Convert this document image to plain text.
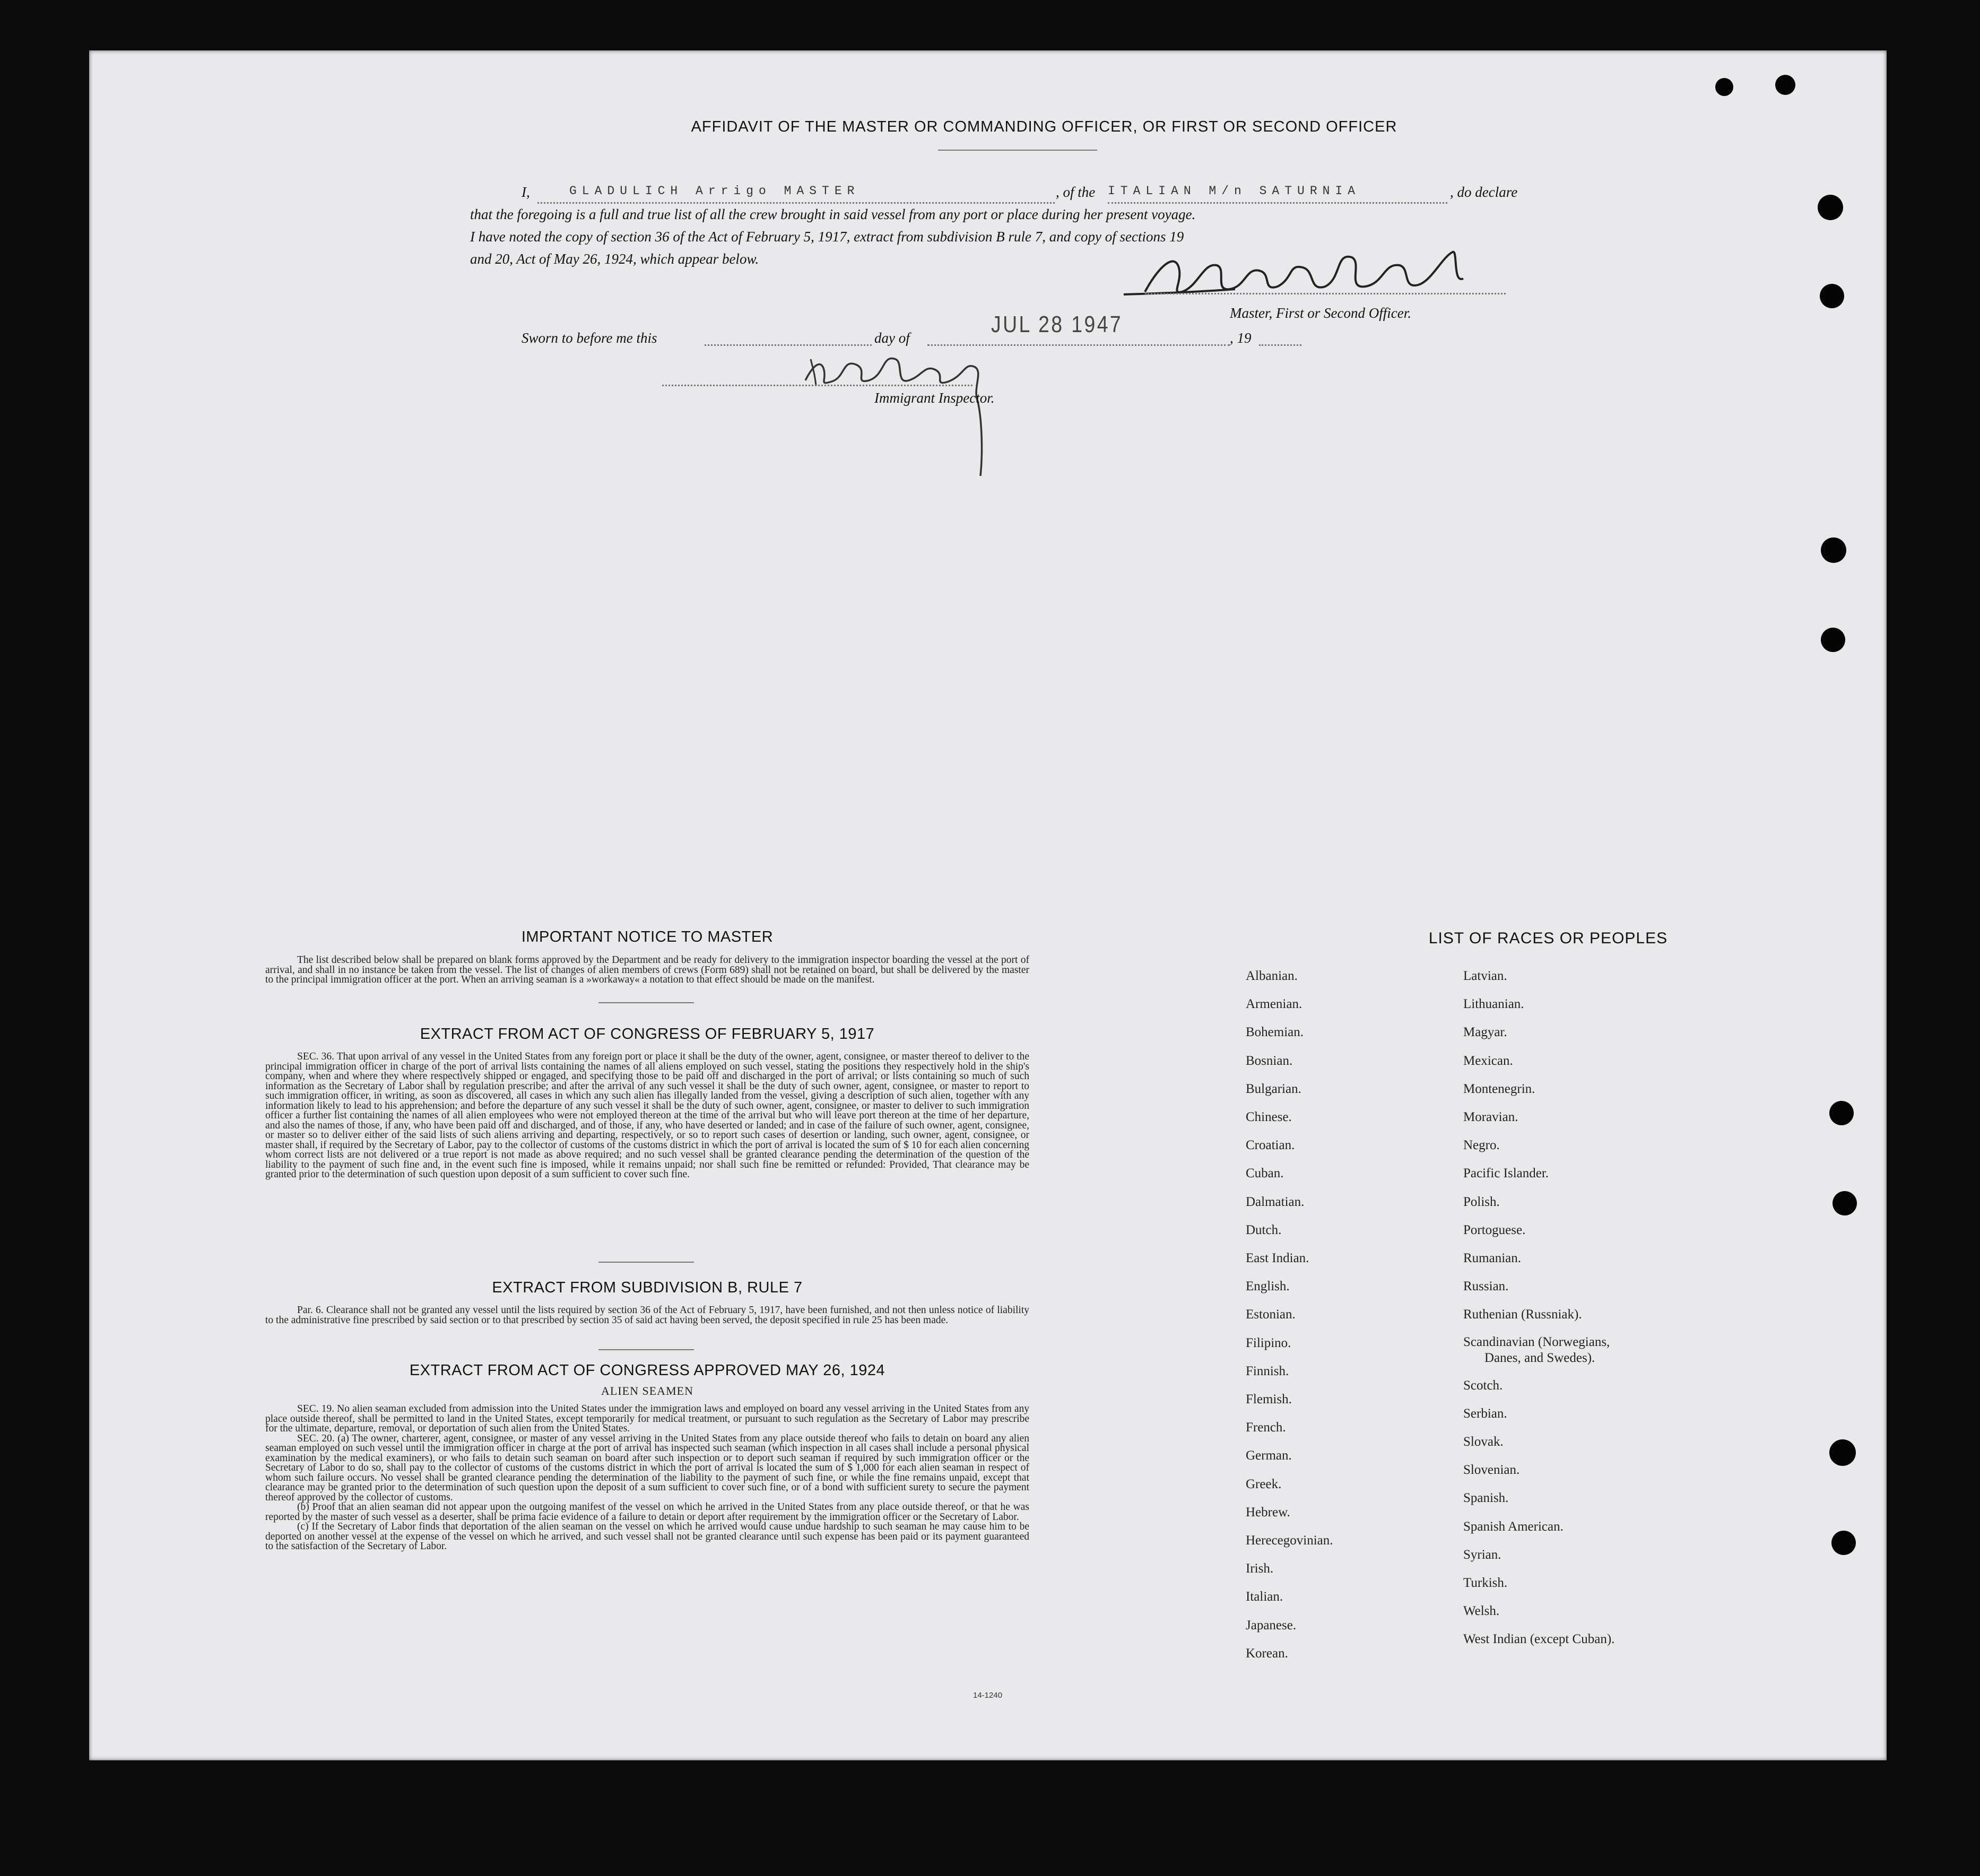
AFFIDAVIT OF THE MASTER OR COMMANDING OFFICER, OR FIRST OR SECOND OFFICER
I,	GLADULICH Arrigo MASTER	, of the ITALIAN M/n SATURNIA	, do declare
that the foregoing is a full and true list of all the crew brought in said vessel from any port or place during her present voyage.
I have noted the copy of section 36 of the Act of February 5, 1917, extract from subdivision B rule 7, and copy of sections 19
and 20, Act of May 26, 1924, which appear below.
Master, First or Second Officer.
Sworn to before me this	day of
JUL 28 1947
, 19
Immigrant Inspector.
IMPORTANT NOTICE TO MASTER

The list described below shall be prepared on blank forms approved by the Department and be ready for delivery to the immigration inspector boarding the vessel at the port of arrival, and shall in no instance be taken from the vessel. The list of changes of alien members of crews (Form 689) shall not be retained on board, but shall be delivered by the master to the principal immigration officer at the port. When an arriving seaman is a »workaway« a notation to that effect should be made on the manifest.

EXTRACT FROM ACT OF CONGRESS OF FEBRUARY 5, 1917

SEC. 36. That upon arrival of any vessel in the United States from any foreign port or place it shall be the duty of the owner, agent, consignee, or master thereof to deliver to the principal immigration officer in charge of the port of arrival lists containing the names of all aliens employed on such vessel, stating the positions they respectively hold in the ship's company, when and where they where respectively shipped or engaged, and specifying those to be paid off and discharged in the port of arrival; or lists containing so much of such information as the Secretary of Labor shall by regulation prescribe; and after the arrival of any such vessel it shall be the duty of such owner, agent, consignee, or master to report to such immigration officer, in writing, as soon as discovered, all cases in which any such alien has illegally landed from the vessel, giving a description of such alien, together with any information likely to lead to his apprehension; and before the departure of any such vessel it shall be the duty of such owner, agent, consignee, or master to deliver to such immigration officer a further list containing the names of all alien employees who were not employed thereon at the time of the arrival but who will leave port thereon at the time of her departure, and also the names of those, if any, who have been paid off and discharged, and of those, if any, who have deserted or landed; and in case of the failure of such owner, agent, consignee, or master so to deliver either of the said lists of such aliens arriving and departing, respectively, or so to report such cases of desertion or landing, such owner, agent, consignee, or master shall, if required by the Secretary of Labor, pay to the collector of customs of the customs district in which the port of arrival is located the sum of $ 10 for each alien concerning whom correct lists are not delivered or a true report is not made as above required; and no such vessel shall be granted clearance pending the determination of the question of the liability to the payment of such fine and, in the event such fine is imposed, while it remains unpaid; nor shall such fine be remitted or refunded: Provided, That clearance may be granted prior to the determination of such question upon deposit of a sum sufficient to cover such fine.

EXTRACT FROM SUBDIVISION B, RULE 7

Par. 6. Clearance shall not be granted any vessel until the lists required by section 36 of the Act of February 5, 1917, have been furnished, and not then unless notice of liability to the administrative fine prescribed by said section or to that prescribed by section 35 of said act having been served, the deposit specified in rule 25 has been made.

EXTRACT FROM ACT OF CONGRESS APPROVED MAY 26, 1924
ALIEN SEAMEN

SEC. 19. No alien seaman excluded from admission into the United States under the immigration laws and employed on board any vessel arriving in the United States from any place outside thereof, shall be permitted to land in the United States, except temporarily for medical treatment, or pursuant to such regulation as the Secretary of Labor may prescribe for the ultimate, departure, removal, or deportation of such alien from the United States.

SEC. 20. (a) The owner, charterer, agent, consignee, or master of any vessel arriving in the United States from any place outside thereof who fails to detain on board any alien seaman employed on such vessel until the immigration officer in charge at the port of arrival has inspected such seaman (which inspection in all cases shall include a personal physical examination by the medical examiners), or who fails to detain such seaman on board after such inspection or to deport such seaman if required by such immigration officer or the Secretary of Labor to do so, shall pay to the collector of customs of the customs district in which the port of arrival is located the sum of $ 1,000 for each alien seaman in respect of whom such failure occurs. No vessel shall be granted clearance pending the determination of the liability to the payment of such fine, or while the fine remains unpaid, except that clearance may be granted prior to the determination of such question upon the deposit of a sum sufficient to cover such fine, or of a bond with sufficient surety to secure the payment thereof approved by the collector of customs.

(b) Proof that an alien seaman did not appear upon the outgoing manifest of the vessel on which he arrived in the United States from any place outside thereof, or that he was reported by the master of such vessel as a deserter, shall be prima facie evidence of a failure to detain or deport after requirement by the immigration officer or the Secretary of Labor.

(c) If the Secretary of Labor finds that deportation of the alien seaman on the vessel on which he arrived would cause undue hardship to such seaman he may cause him to be deported on another vessel at the expense of the vessel on which he arrived, and such vessel shall not be granted clearance until such expense has been paid or its payment guaranteed to the satisfaction of the Secretary of Labor.

14-1240
LIST OF RACES OR PEOPLES
Albanian.
Armenian.
Bohemian.
Bosnian.
Bulgarian.
Chinese.
Croatian.
Cuban.
Dalmatian.
Dutch.
East Indian.
English.
Estonian.
Filipino.
Finnish.
Flemish.
French.
German.
Greek.
Hebrew.
Herecegovinian.
Irish.
Italian.
Japanese.
Korean.
Latvian.
Lithuanian.
Magyar.
Mexican.
Montenegrin.
Moravian.
Negro.
Pacific Islander.
Polish.
Portoguese.
Rumanian.
Russian.
Ruthenian (Russniak).
Scandinavian (Norwegians,
Danes, and Swedes).
Scotch.
Serbian.
Slovak.
Slovenian.
Spanish.
Spanish American.
Syrian.
Turkish.
Welsh.
West Indian (except Cuban).
